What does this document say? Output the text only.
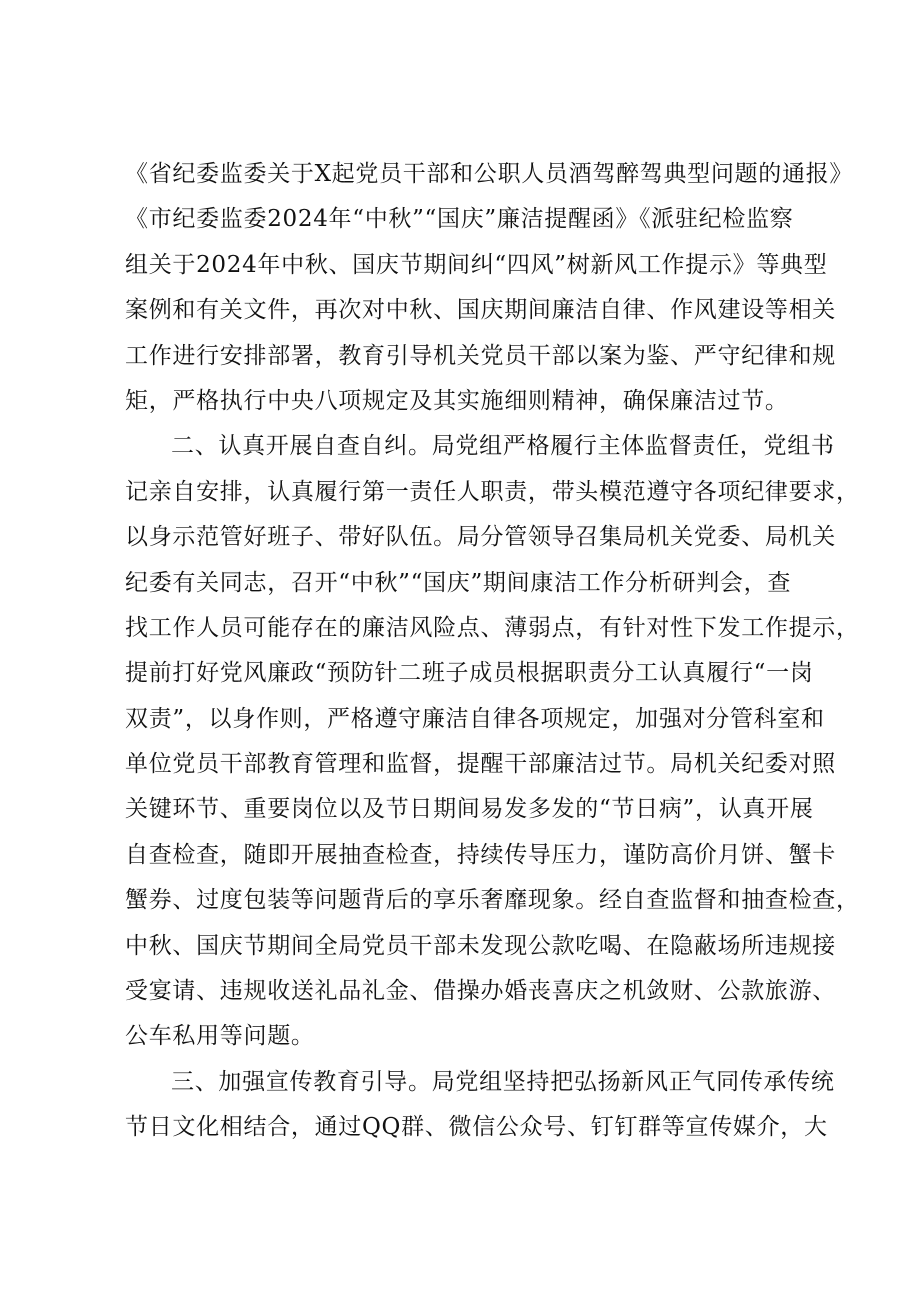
《省纪委监委关于X起党员干部和公职人员酒驾醉驾典型问题的通报》
《市纪委监委2024年“中秋”“国庆”廉洁提醒函》《派驻纪检监察
组关于2024年中秋、国庆节期间纠“四风”树新风工作提示》等典型
案例和有关文件，再次对中秋、国庆期间廉洁自律、作风建设等相关
工作进行安排部署，教育引导机关党员干部以案为鉴、严守纪律和规
矩，严格执行中央八项规定及其实施细则精神，确保廉洁过节。
二、认真开展自查自纠。局党组严格履行主体监督责任，党组书
记亲自安排，认真履行第一责任人职责，带头模范遵守各项纪律要求，
以身示范管好班子、带好队伍。局分管领导召集局机关党委、局机关
纪委有关同志，召开“中秋”“国庆”期间康洁工作分析研判会，查
找工作人员可能存在的廉洁风险点、薄弱点，有针对性下发工作提示，
提前打好党风廉政“预防针二班子成员根据职责分工认真履行“一岗
双责”，以身作则，严格遵守廉洁自律各项规定，加强对分管科室和
单位党员干部教育管理和监督，提醒干部廉洁过节。局机关纪委对照
关键环节、重要岗位以及节日期间易发多发的“节日病”，认真开展
自查检查，随即开展抽查检查，持续传导压力，谨防高价月饼、蟹卡
蟹券、过度包装等问题背后的享乐奢靡现象。经自查监督和抽查检查，
中秋、国庆节期间全局党员干部未发现公款吃喝、在隐蔽场所违规接
受宴请、违规收送礼品礼金、借操办婚丧喜庆之机敛财、公款旅游、
公车私用等问题。
三、加强宣传教育引导。局党组坚持把弘扬新风正气同传承传统
节日文化相结合，通过QQ群、微信公众号、钉钉群等宣传媒介，大
